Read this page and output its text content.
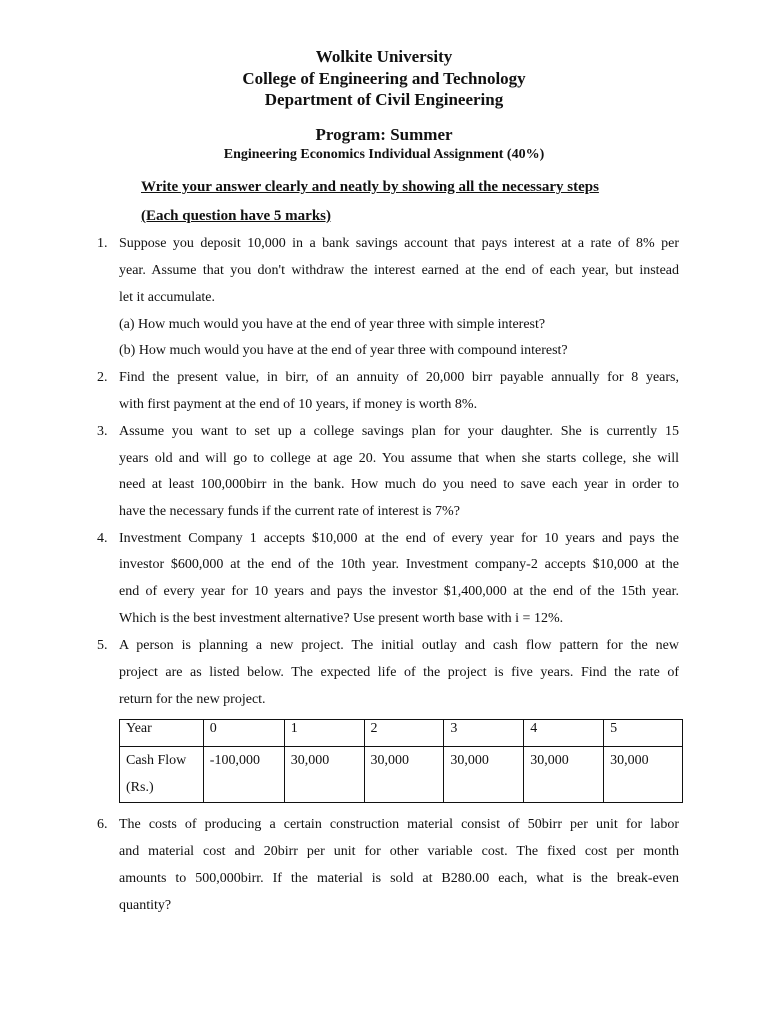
Wolkite University
College of Engineering and Technology
Department of Civil Engineering
Program: Summer
Engineering Economics Individual Assignment (40%)
Write your answer clearly and neatly by showing all the necessary steps
(Each question have 5 marks)
1. Suppose you deposit 10,000 in a bank savings account that pays interest at a rate of 8% per
year. Assume that you don't withdraw the interest earned at the end of each year, but instead
let it accumulate.
(a) How much would you have at the end of year three with simple interest?
(b) How much would you have at the end of year three with compound interest?
2. Find the present value, in birr, of an annuity of 20,000 birr payable annually for 8 years,
with first payment at the end of 10 years, if money is worth 8%.
3. Assume you want to set up a college savings plan for your daughter. She is currently 15
years old and will go to college at age 20. You assume that when she starts college, she will
need at least 100,000birr in the bank. How much do you need to save each year in order to
have the necessary funds if the current rate of interest is 7%?
4. Investment Company 1 accepts $10,000 at the end of every year for 10 years and pays the
investor $600,000 at the end of the 10th year. Investment company-2 accepts $10,000 at the
end of every year for 10 years and pays the investor $1,400,000 at the end of the 15th year.
Which is the best investment alternative? Use present worth base with i = 12%.
5. A person is planning a new project. The initial outlay and cash flow pattern for the new
project are as listed below. The expected life of the project is five years. Find the rate of
return for the new project.
Year	0	1	2	3	4	5
Cash Flow
(Rs.)	-100,000	30,000	30,000	30,000	30,000	30,000
6. The costs of producing a certain construction material consist of 50birr per unit for labor
and material cost and 20birr per unit for other variable cost. The fixed cost per month
amounts to 500,000birr. If the material is sold at B280.00 each, what is the break-even
quantity?
